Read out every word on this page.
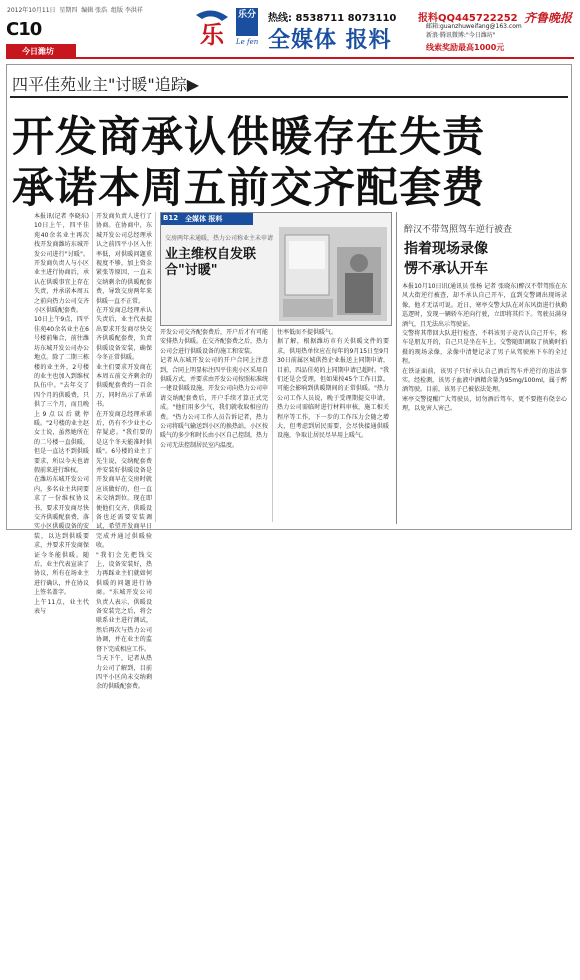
2012年10月11日 星期四 编辑 张浩 组版 李洪祥
C10
今日潍坊
齐鲁晚报
乐 Le fen
乐分 热线: 8538711 8073110
全媒体 报料
报料QQ445722252
邮箱:guanzhuweifang@163.com
新浪·腾讯微博:"今日潍坊"
线索奖励最高1000元
四平佳苑业主"讨暖"追踪▶
开发商承认供暖存在失责
承诺本周五前交齐配套费
本报讯(记者 李晓东)10日上午，四平佳苑40余名业主再次找开发商潍坊东城开发公司进行"讨暖"。开发商负责人与小区业主进行协商后，承认在供暖事宜上存在失责，并承诺本周五之前向热力公司交齐小区供暖配套费。
10日上午9点，四平佳苑40余名业主在6号楼前集合，前往潍坊东城开发公司办公地点。除了二期三栋楼的业主外，2号楼的业主也加入到维权队伍中。"去年交了四个月的供暖费，只供了三个月，而且晚上9点以后就停暖。"2号楼的业主赵女士说，虽然她所在的二号楼一直供暖，但是一直达不到供暖要求，所以今天也请假前来进行维权。
在潍坊东城开发公司内，多名业主共同要求了一份维权协议书，要求开发商尽快交齐供暖配套费，落实小区供暖设备的安装，以达到供暖要求，并要求开发商保证今冬能供暖。随后，业主代表宣读了协议，所有在场业主进行确认，并在协议上签名盖字。
上午11点，业主代表与
开发商负责人进行了协商。在协商中，东城开发公司总经理承认之前四平小区入住率低，对供暖问题重视度不够，加上资金紧张等原因，一直未交纳剩余的供暖配套费，导致交房两年来供暖一直不正常。
在开发商总经理承认失责后，业主代表提出要求开发商尽快交齐供暖配套费，负责供暖设备安装，确保今冬正常供暖。
业主们要求开发商在本周五前交齐剩余的供暖配套费约一百余万，同时出示了承诺书。
在开发商总经理承诺后，仍有不少业主心存疑虑。"我们要的是这个冬天能准时供暖"。6号楼的业主丁先生说，交纳配套费并安装好供暖设备是开发商早在交房时就应该做好的，但一直未交纳到位。现在即便他们交齐，供暖设备也还需要安装调试，希望开发商早日完成并通过供暖验收。
"我们会先把钱交上，设备安装好，热力再踩业主们就如何供暖的问题进行协商。"东城开发公司负责人表示，供暖设备安装完之后，将会联系业主进行测试，然后再次与热力公司协调，并在业主的监督下完成相应工作。
当天下午，记者从热力公司了解到，目前四平小区尚未交纳剩余的供暖配套费。
B12 全媒体 报料
交房两年未通暖，热力公司称业主未申请
业主维权自发联合"讨暖"
开发公司交齐配套费后，开户后才有可能安排热力供暖。在交齐配套费之后，热力公司会进行供暖设备的施工和安装。
记者从东城开发公司的开户合同上注意到，合同上明显标注四平佳苑小区采用自供暖方式，并要求由开发公司按照标准统一建设供暖设施，开发公司向热力公司申请交纳配套费后，开户手续才算正式完成。"他们用多少气，我们就收取相应的费。"热力公司工作人员告诉记者，热力公司将暖气输送到小区的换热站，小区按暖气的多少和时长由小区自己控制，热力公司无法控制居民室内温度。
住率低而不提供暖气。
据了解，根据潍坊市有关供暖文件的要求，供用热单位应在每年的9月15日至9月30日前属区城供热企业报送上同期申请，目前，四品佳苑的上同期申请已超时。"我们还是会受理，但如果按45个工作日算，可能会影响到供暖期间的正常供暖。"热力公司工作人员说，晚于受理期提交申请，热力公司需临时进行材料审核，施工相关程序等工作，下一步的工作压力会随之增大，但考虑到居民需要，会尽快接通供暖设施，争取让居民尽早用上暖气。
醉汉不带驾照驾车逆行被查
指着现场录像
愣不承认开车
本报10月10日讯(通讯员 张杨 记者 张晓东)醉汉不带驾照在东风大街逆行被查，却不承认自己开车，直到交警调出现场录像，他才无话可说。近日，寒亭交警大队在对东风街进行执勤巡逻时，发现一辆轿车逆向行驶，立即将其拦下。驾驶员满身酒气，且无法出示驾驶证。
交警将其带回大队进行检查，不料该男子竟否认自己开车，称车是朋友开的，自己只是坐在车上。交警随即调取了执勤时拍摄的现场录像，录像中清楚记录了男子从驾驶座下车的全过程。
在铁证面前，该男子只好承认自己酒后驾车并逆行的违法事实。经检测，该男子血液中酒精含量为95mg/100ml，属于醉酒驾驶。目前，该男子已被依法处理。
寒亭交警提醒广大驾驶员，切勿酒后驾车，更不要抱有侥幸心理，以免害人害己。
